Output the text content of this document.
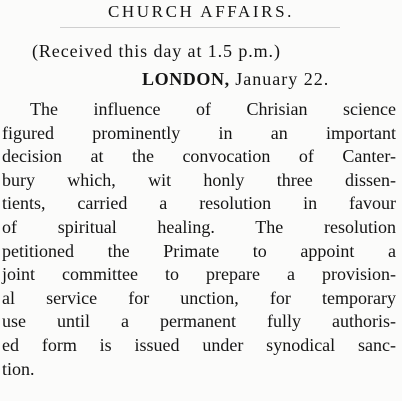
CHURCH AFFAIRS.
(Received this day at 1.5 p.m.)
LONDON, January 22.
The influence of Chrisian science
figured prominently in an important
decision at the convocation of Canter-
bury which, wit honly three dissen-
tients, carried a resolution in favour
of spiritual healing. The resolution
petitioned the Primate to appoint a
joint committee to prepare a provision-
al service for unction, for temporary
use until a permanent fully authoris-
ed form is issued under synodical sanc-
tion.
